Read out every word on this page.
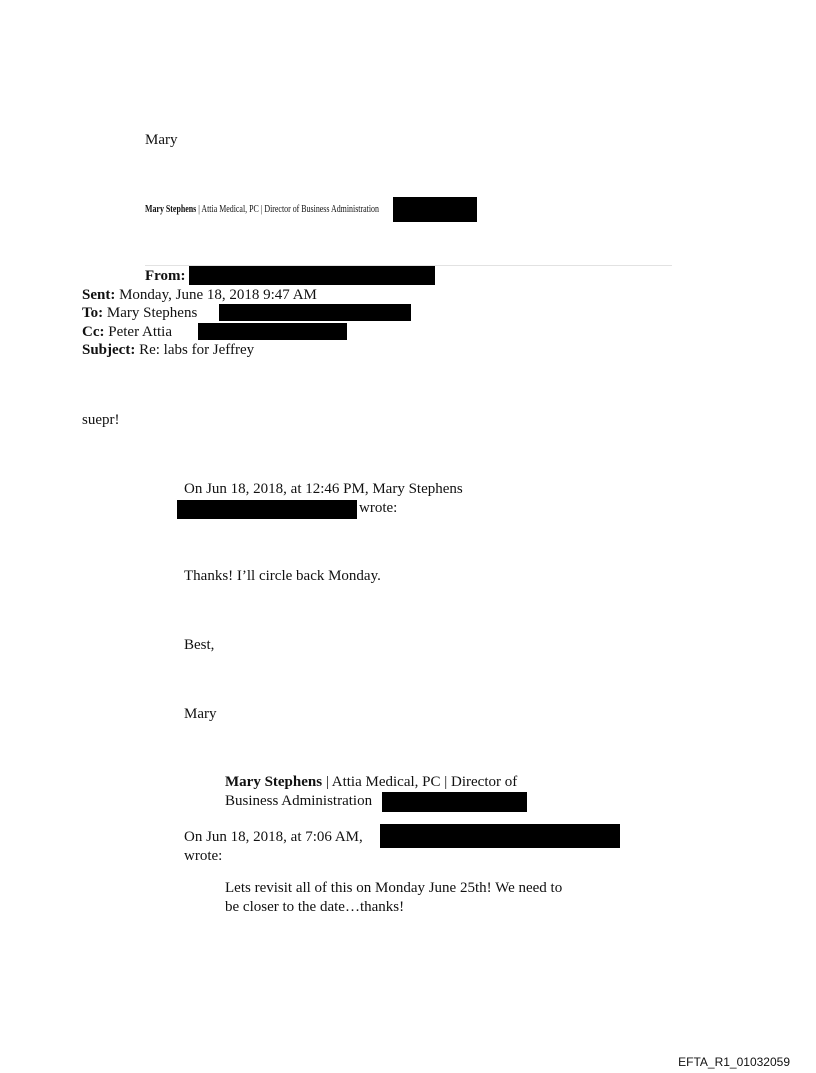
Mary
Mary Stephens | Attia Medical, PC | Director of Business Administration
From:
Sent: Monday, June 18, 2018 9:47 AM
To: Mary Stephens
Cc: Peter Attia
Subject: Re: labs for Jeffrey
suepr!
On Jun 18, 2018, at 12:46 PM, Mary Stephens
wrote:
Thanks! I’ll circle back Monday.
Best,
Mary
Mary Stephens | Attia Medical, PC | Director of
Business Administration
On Jun 18, 2018, at 7:06 AM,
wrote:
Lets revisit all of this on Monday June 25th! We need to
be closer to the date…thanks!
EFTA_R1_01032059
